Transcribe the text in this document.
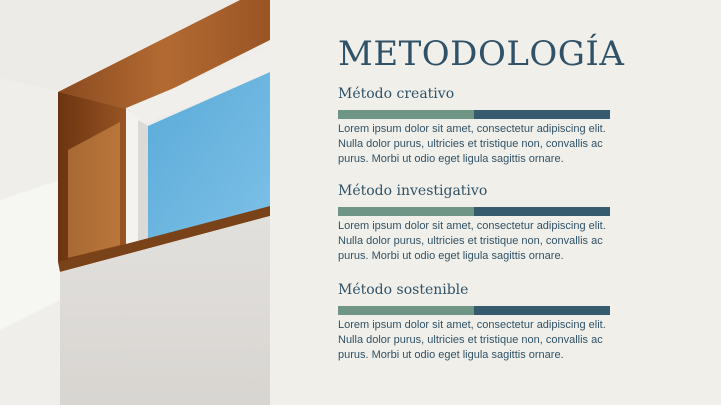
METODOLOGÍA
Método creativo

Lorem ipsum dolor sit amet, consectetur adipiscing elit. Nulla dolor purus, ultricies et tristique non, convallis ac purus. Morbi ut odio eget ligula sagittis ornare.

Método investigativo

Lorem ipsum dolor sit amet, consectetur adipiscing elit. Nulla dolor purus, ultricies et tristique non, convallis ac purus. Morbi ut odio eget ligula sagittis ornare.

Método sostenible

Lorem ipsum dolor sit amet, consectetur adipiscing elit. Nulla dolor purus, ultricies et tristique non, convallis ac purus. Morbi ut odio eget ligula sagittis ornare.
